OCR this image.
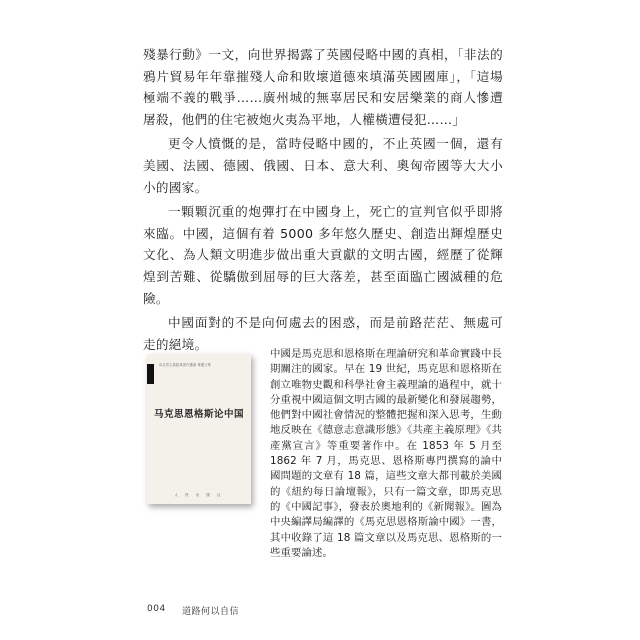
殘暴行動》一文，向世界揭露了英國侵略中國的真相，「非法的鴉片貿易年年靠摧殘人命和敗壞道德來填滿英國國庫」，「這場極端不義的戰爭……廣州城的無辜居民和安居樂業的商人慘遭屠殺，他們的住宅被炮火夷為平地，人權橫遭侵犯……」

更令人憤慨的是，當時侵略中國的，不止英國一個，還有美國、法國、德國、俄國、日本、意大利、奧匈帝國等大大小小的國家。

一顆顆沉重的炮彈打在中國身上，死亡的宣判官似乎即將來臨。中國，這個有着 5000 多年悠久歷史、創造出輝煌歷史文化、為人類文明進步做出重大貢獻的文明古國，經歷了從輝煌到苦難、從驕傲到屈辱的巨大落差，甚至面臨亡國滅種的危險。

中國面對的不是向何處去的困惑，而是前路茫茫、無處可走的絕境。

馬克思主義經典著作選讀 專題文集
马克思恩格斯论中国
人 民 出 版 社

中國是馬克思和恩格斯在理論研究和革命實踐中長期關注的國家。早在 19 世紀，馬克思和恩格斯在創立唯物史觀和科學社會主義理論的過程中，就十分重視中國這個文明古國的最新變化和發展趨勢，他們對中國社會情況的整體把握和深入思考，生動地反映在《德意志意識形態》《共產主義原理》《共產黨宣言》等重要著作中。在 1853 年 5 月至 1862 年 7 月，馬克思、恩格斯專門撰寫的論中國問題的文章有 18 篇，這些文章大都刊載於美國的《紐約每日論壇報》，只有一篇文章，即馬克思的《中國記事》，發表於奧地利的《新聞報》。圖為中央編譯局編譯的《馬克思恩格斯論中國》一書，其中收錄了這 18 篇文章以及馬克思、恩格斯的一些重要論述。

004 道路何以自信
